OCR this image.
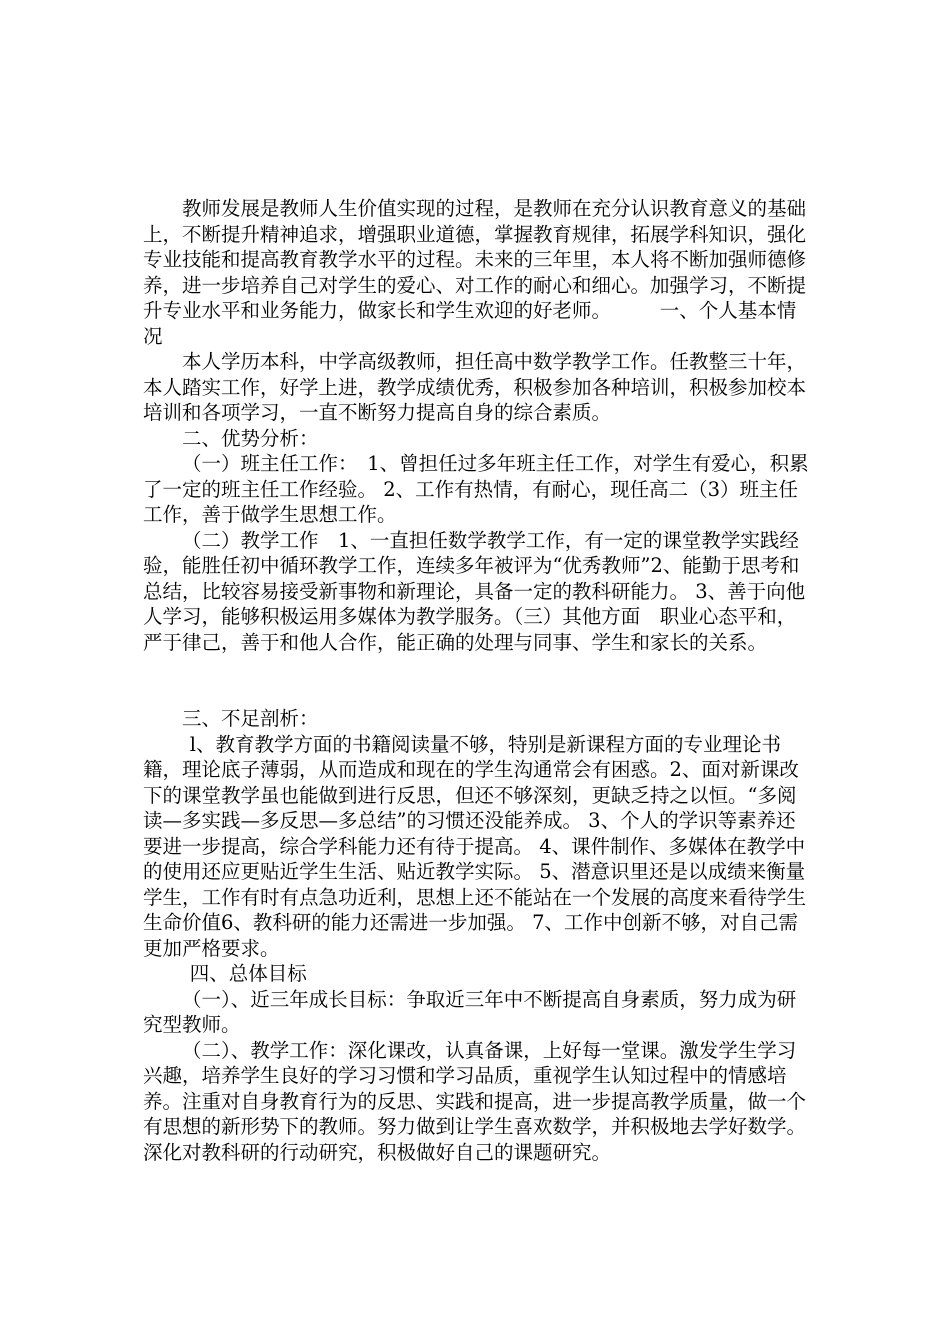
教师发展是教师人生价值实现的过程，是教师在充分认识教育意义的基础上，不断提升精神追求，增强职业道德，掌握教育规律，拓展学科知识，强化专业技能和提高教育教学水平的过程。未来的三年里，本人将不断加强师德修养，进一步培养自己对学生的爱心、对工作的耐心和细心。加强学习，不断提升专业水平和业务能力，做家长和学生欢迎的好老师。　　　一、个人基本情况

本人学历本科，中学高级教师，担任高中数学教学工作。任教整三十年，本人踏实工作，好学上进，教学成绩优秀，积极参加各种培训，积极参加校本培训和各项学习，一直不断努力提高自身的综合素质。

二、优势分析：

（一）班主任工作：　1、曾担任过多年班主任工作，对学生有爱心，积累了一定的班主任工作经验。 2、工作有热情，有耐心，现任高二（3）班主任工作，善于做学生思想工作。

（二）教学工作　1、一直担任数学教学工作，有一定的课堂教学实践经验，能胜任初中循环教学工作，连续多年被评为“优秀教师”2、能勤于思考和总结，比较容易接受新事物和新理论，具备一定的教科研能力。 3、善于向他人学习，能够积极运用多媒体为教学服务。（三）其他方面　职业心态平和，严于律己，善于和他人合作，能正确的处理与同事、学生和家长的关系。

三、不足剖析：

l、教育教学方面的书籍阅读量不够，特别是新课程方面的专业理论书籍，理论底子薄弱，从而造成和现在的学生沟通常会有困惑。2、面对新课改下的课堂教学虽也能做到进行反思，但还不够深刻，更缺乏持之以恒。“多阅读—多实践—多反思—多总结”的习惯还没能养成。 3、个人的学识等素养还要进一步提高，综合学科能力还有待于提高。 4、课件制作、多媒体在教学中的使用还应更贴近学生生活、贴近教学实际。 5、潜意识里还是以成绩来衡量学生，工作有时有点急功近利，思想上还不能站在一个发展的高度来看待学生生命价值6、教科研的能力还需进一步加强。 7、工作中创新不够，对自己需更加严格要求。

四、总体目标

（一）、近三年成长目标：争取近三年中不断提高自身素质，努力成为研究型教师。

（二）、教学工作：深化课改，认真备课，上好每一堂课。激发学生学习兴趣，培养学生良好的学习习惯和学习品质，重视学生认知过程中的情感培养。注重对自身教育行为的反思、实践和提高，进一步提高教学质量，做一个有思想的新形势下的教师。努力做到让学生喜欢数学，并积极地去学好数学。深化对教科研的行动研究，积极做好自己的课题研究。
